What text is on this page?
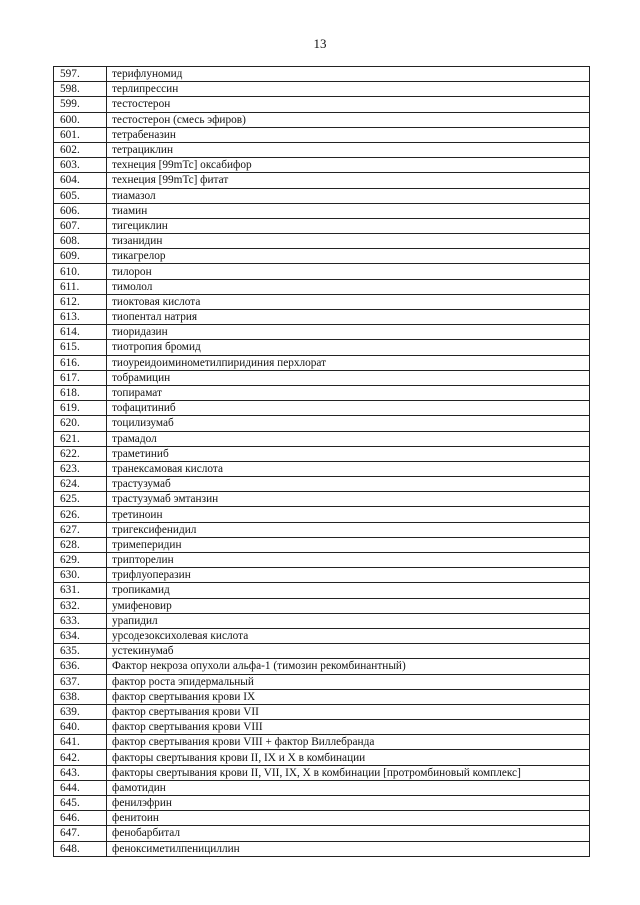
13
597.	терифлуномид
598.	терлипрессин
599.	тестостерон
600.	тестостерон (смесь эфиров)
601.	тетрабеназин
602.	тетрациклин
603.	технеция [99mTc] оксабифор
604.	технеция [99mTc] фитат
605.	тиамазол
606.	тиамин
607.	тигециклин
608.	тизанидин
609.	тикагрелор
610.	тилорон
611.	тимолол
612.	тиоктовая кислота
613.	тиопентал натрия
614.	тиоридазин
615.	тиотропия бромид
616.	тиоуреидоиминометилпиридиния перхлорат
617.	тобрамицин
618.	топирамат
619.	тофацитиниб
620.	тоцилизумаб
621.	трамадол
622.	траметиниб
623.	транексамовая кислота
624.	трастузумаб
625.	трастузумаб эмтанзин
626.	третиноин
627.	тригексифенидил
628.	тримеперидин
629.	трипторелин
630.	трифлуоперазин
631.	тропикамид
632.	умифеновир
633.	урапидил
634.	урсодезоксихолевая кислота
635.	устекинумаб
636.	Фактор некроза опухоли альфа-1 (тимозин рекомбинантный)
637.	фактор роста эпидермальный
638.	фактор свертывания крови IX
639.	фактор свертывания крови VII
640.	фактор свертывания крови VIII
641.	фактор свертывания крови VIII + фактор Виллебранда
642.	факторы свертывания крови II, IX и X в комбинации
643.	факторы свертывания крови II, VII, IX, X в комбинации [протромбиновый комплекс]
644.	фамотидин
645.	фенилэфрин
646.	фенитоин
647.	фенобарбитал
648.	феноксиметилпенициллин
